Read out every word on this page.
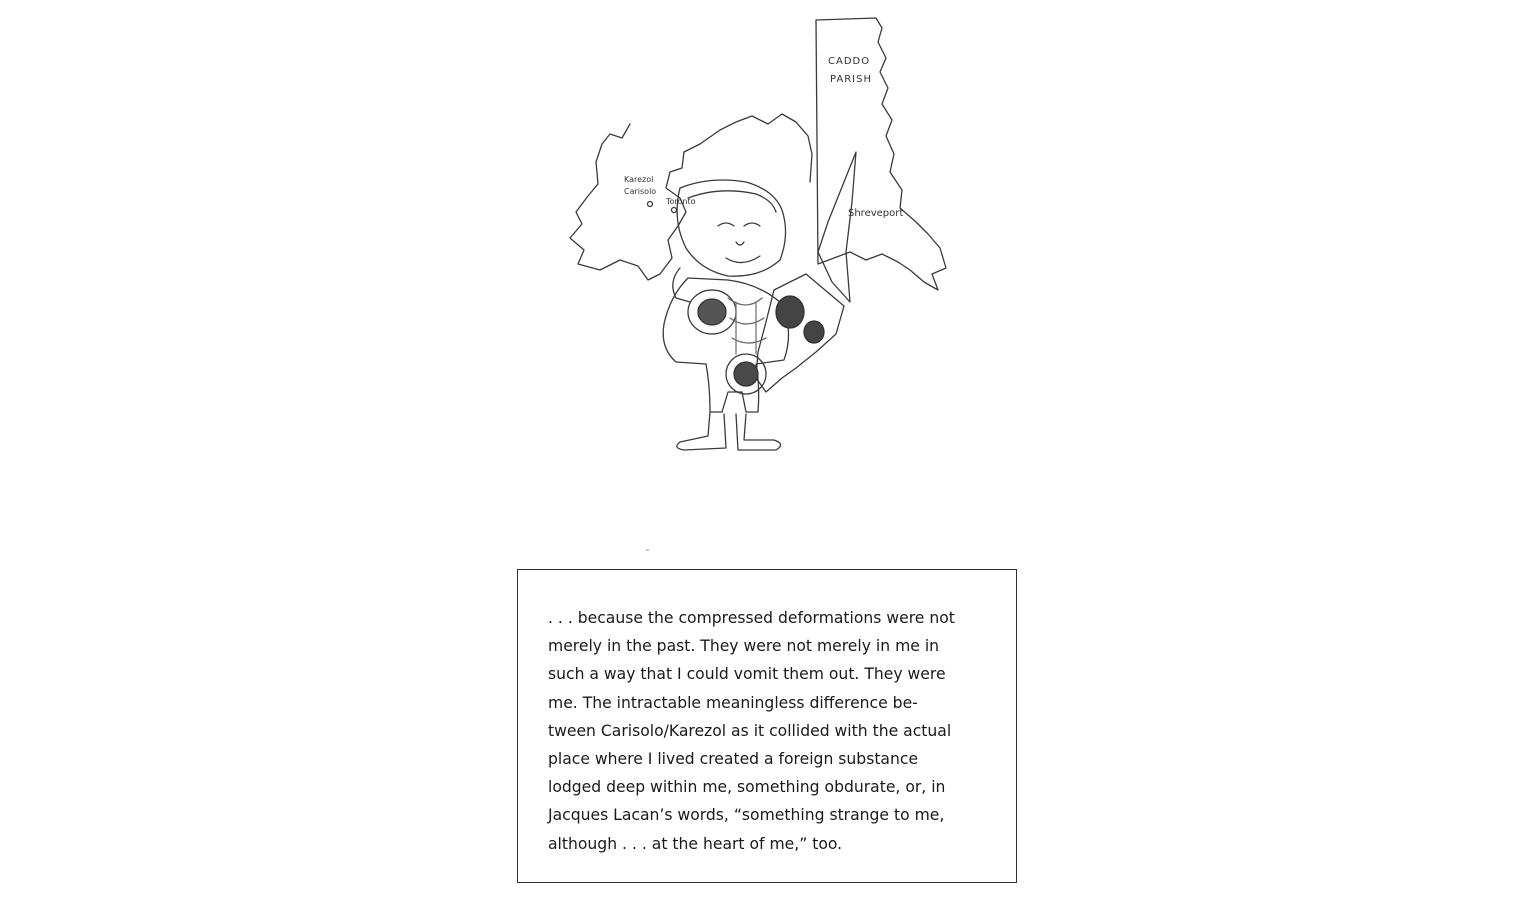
CADDO
PARISH
Shreveport
Karezol
Carisolo
Toronto

. . . because the compressed deformations were not
merely in the past. They were not merely in me in
such a way that I could vomit them out. They were
me. The intractable meaningless difference be-
tween Carisolo/Karezol as it collided with the actual
place where I lived created a foreign substance
lodged deep within me, something obdurate, or, in
Jacques Lacan’s words, “something strange to me,
although . . . at the heart of me,” too.
